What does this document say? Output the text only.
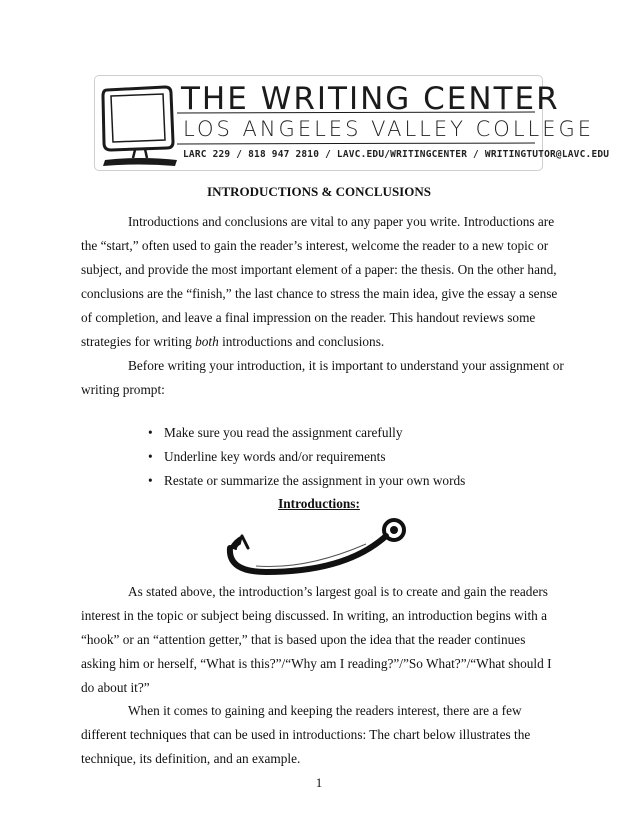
THE WRITING CENTER
LOS ANGELES VALLEY COLLEGE
LARC 229 / 818 947 2810 / LAVC.EDU/WRITINGCENTER / WRITINGTUTOR@LAVC.EDU
INTRODUCTIONS & CONCLUSIONS
Introductions and conclusions are vital to any paper you write. Introductions are
the “start,” often used to gain the reader’s interest, welcome the reader to a new topic or
subject, and provide the most important element of a paper: the thesis. On the other hand,
conclusions are the “finish,” the last chance to stress the main idea, give the essay a sense
of completion, and leave a final impression on the reader. This handout reviews some
strategies for writing both introductions and conclusions.
Before writing your introduction, it is important to understand your assignment or
writing prompt:
• Make sure you read the assignment carefully
• Underline key words and/or requirements
• Restate or summarize the assignment in your own words
Introductions:
As stated above, the introduction’s largest goal is to create and gain the readers
interest in the topic or subject being discussed. In writing, an introduction begins with a
“hook” or an “attention getter,” that is based upon the idea that the reader continues
asking him or herself, “What is this?”/“Why am I reading?”/”So What?”/“What should I
do about it?”
When it comes to gaining and keeping the readers interest, there are a few
different techniques that can be used in introductions: The chart below illustrates the
technique, its definition, and an example.
1
